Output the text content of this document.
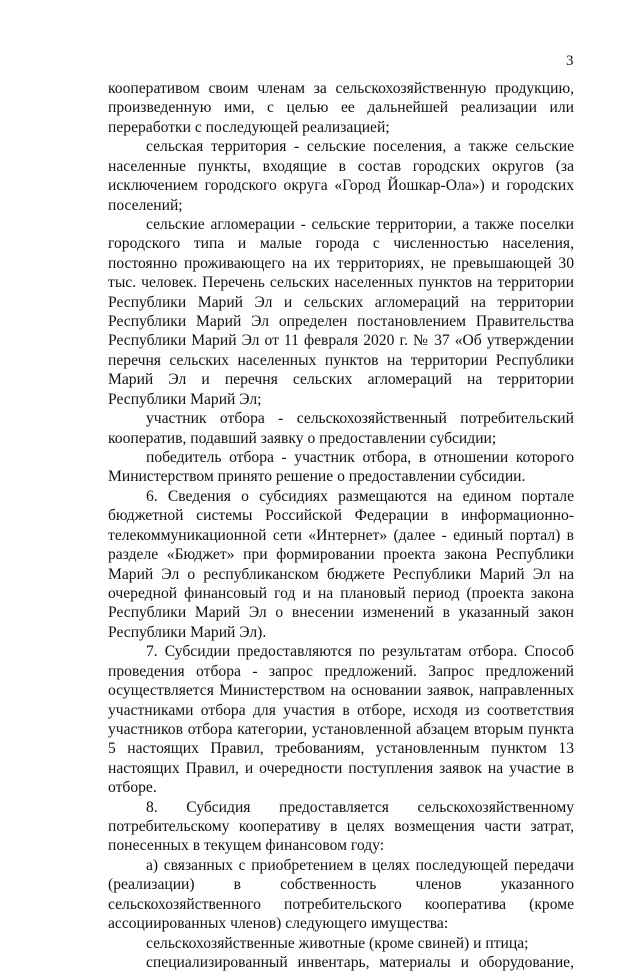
3

кооперативом своим членам за сельскохозяйственную продукцию, произведенную ими, с целью ее дальнейшей реализации или переработки с последующей реализацией;

сельская территория - сельские поселения, а также сельские населенные пункты, входящие в состав городских округов (за исключением городского округа «Город Йошкар-Ола») и городских поселений;

сельские агломерации - сельские территории, а также поселки городского типа и малые города с численностью населения, постоянно проживающего на их территориях, не превышающей 30 тыс. человек. Перечень сельских населенных пунктов на территории Республики Марий Эл и сельских агломераций на территории Республики Марий Эл определен постановлением Правительства Республики Марий Эл от 11 февраля 2020 г. № 37 «Об утверждении перечня сельских населенных пунктов на территории Республики Марий Эл и перечня сельских агломераций на территории Республики Марий Эл;

участник отбора - сельскохозяйственный потребительский кооператив, подавший заявку о предоставлении субсидии;

победитель отбора - участник отбора, в отношении которого Министерством принято решение о предоставлении субсидии.

6. Сведения о субсидиях размещаются на едином портале бюджетной системы Российской Федерации в информационно-телекоммуникационной сети «Интернет» (далее - единый портал) в разделе «Бюджет» при формировании проекта закона Республики Марий Эл о республиканском бюджете Республики Марий Эл на очередной финансовый год и на плановый период (проекта закона Республики Марий Эл о внесении изменений в указанный закон Республики Марий Эл).

7. Субсидии предоставляются по результатам отбора. Способ проведения отбора - запрос предложений. Запрос предложений осуществляется Министерством на основании заявок, направленных участниками отбора для участия в отборе, исходя из соответствия участников отбора категории, установленной абзацем вторым пункта 5 настоящих Правил, требованиям, установленным пунктом 13 настоящих Правил, и очередности поступления заявок на участие в отборе.

8. Субсидия предоставляется сельскохозяйственному потребительскому кооперативу в целях возмещения части затрат, понесенных в текущем финансовом году:

а) связанных с приобретением в целях последующей передачи (реализации) в собственность членов указанного сельскохозяйственного потребительского кооператива (кроме ассоциированных членов) следующего имущества:

сельскохозяйственные животные (кроме свиней) и птица;

специализированный инвентарь, материалы и оборудование,
